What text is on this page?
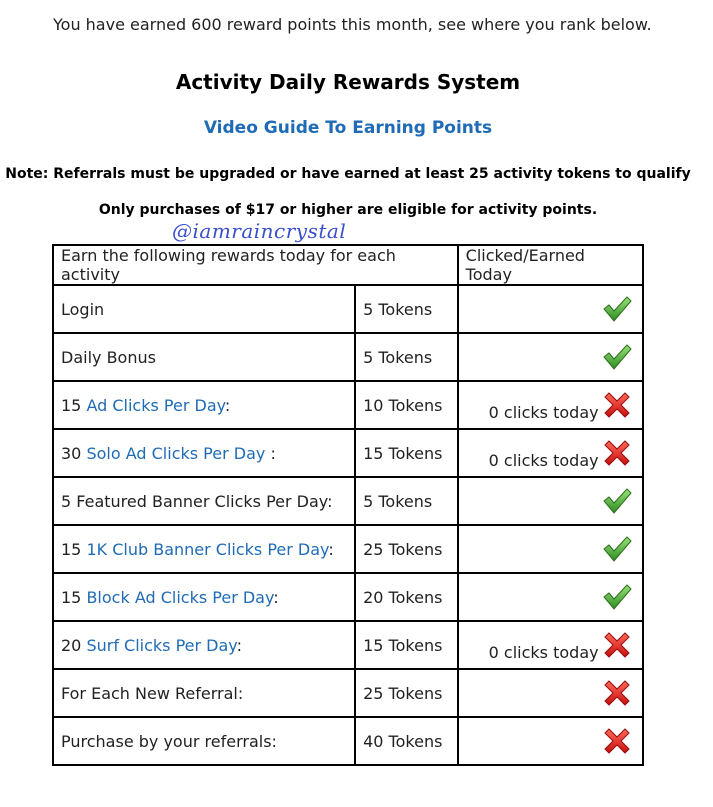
You have earned 600 reward points this month, see where you rank below.
Activity Daily Rewards System
Video Guide To Earning Points
Note: Referrals must be upgraded or have earned at least 25 activity tokens to qualify
Only purchases of $17 or higher are eligible for activity points.
@iamraincrystal
Earn the following rewards today for each activity		Clicked/Earned Today
Login	5 Tokens	

Daily Bonus	5 Tokens	

15 Ad Clicks Per Day:	10 Tokens	0 clicks today

30 Solo Ad Clicks Per Day :	15 Tokens	0 clicks today

5 Featured Banner Clicks Per Day:	5 Tokens	

15 1K Club Banner Clicks Per Day:	25 Tokens	

15 Block Ad Clicks Per Day:	20 Tokens	

20 Surf Clicks Per Day:	15 Tokens	0 clicks today

For Each New Referral:	25 Tokens	

Purchase by your referrals:	40 Tokens	
